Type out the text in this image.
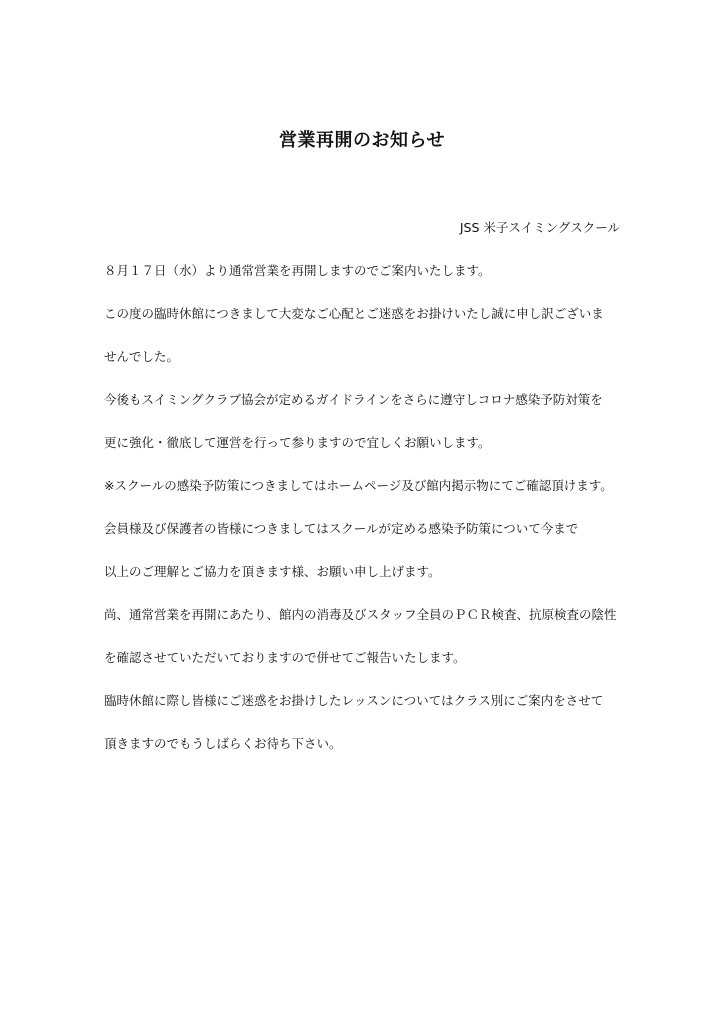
営業再開のお知らせ
JSS 米子スイミングスクール
８月１７日（水）より通常営業を再開しますのでご案内いたします。
この度の臨時休館につきまして大変なご心配とご迷惑をお掛けいたし誠に申し訳ございま
せんでした。
今後もスイミングクラブ協会が定めるガイドラインをさらに遵守しコロナ感染予防対策を
更に強化・徹底して運営を行って参りますので宜しくお願いします。
※スクールの感染予防策につきましてはホームページ及び館内掲示物にてご確認頂けます。
会員様及び保護者の皆様につきましてはスクールが定める感染予防策について今まで
以上のご理解とご協力を頂きます様、お願い申し上げます。
尚、通常営業を再開にあたり、館内の消毒及びスタッフ全員のＰＣＲ検査、抗原検査の陰性
を確認させていただいておりますので併せてご報告いたします。
臨時休館に際し皆様にご迷惑をお掛けしたレッスンについてはクラス別にご案内をさせて
頂きますのでもうしばらくお待ち下さい。
